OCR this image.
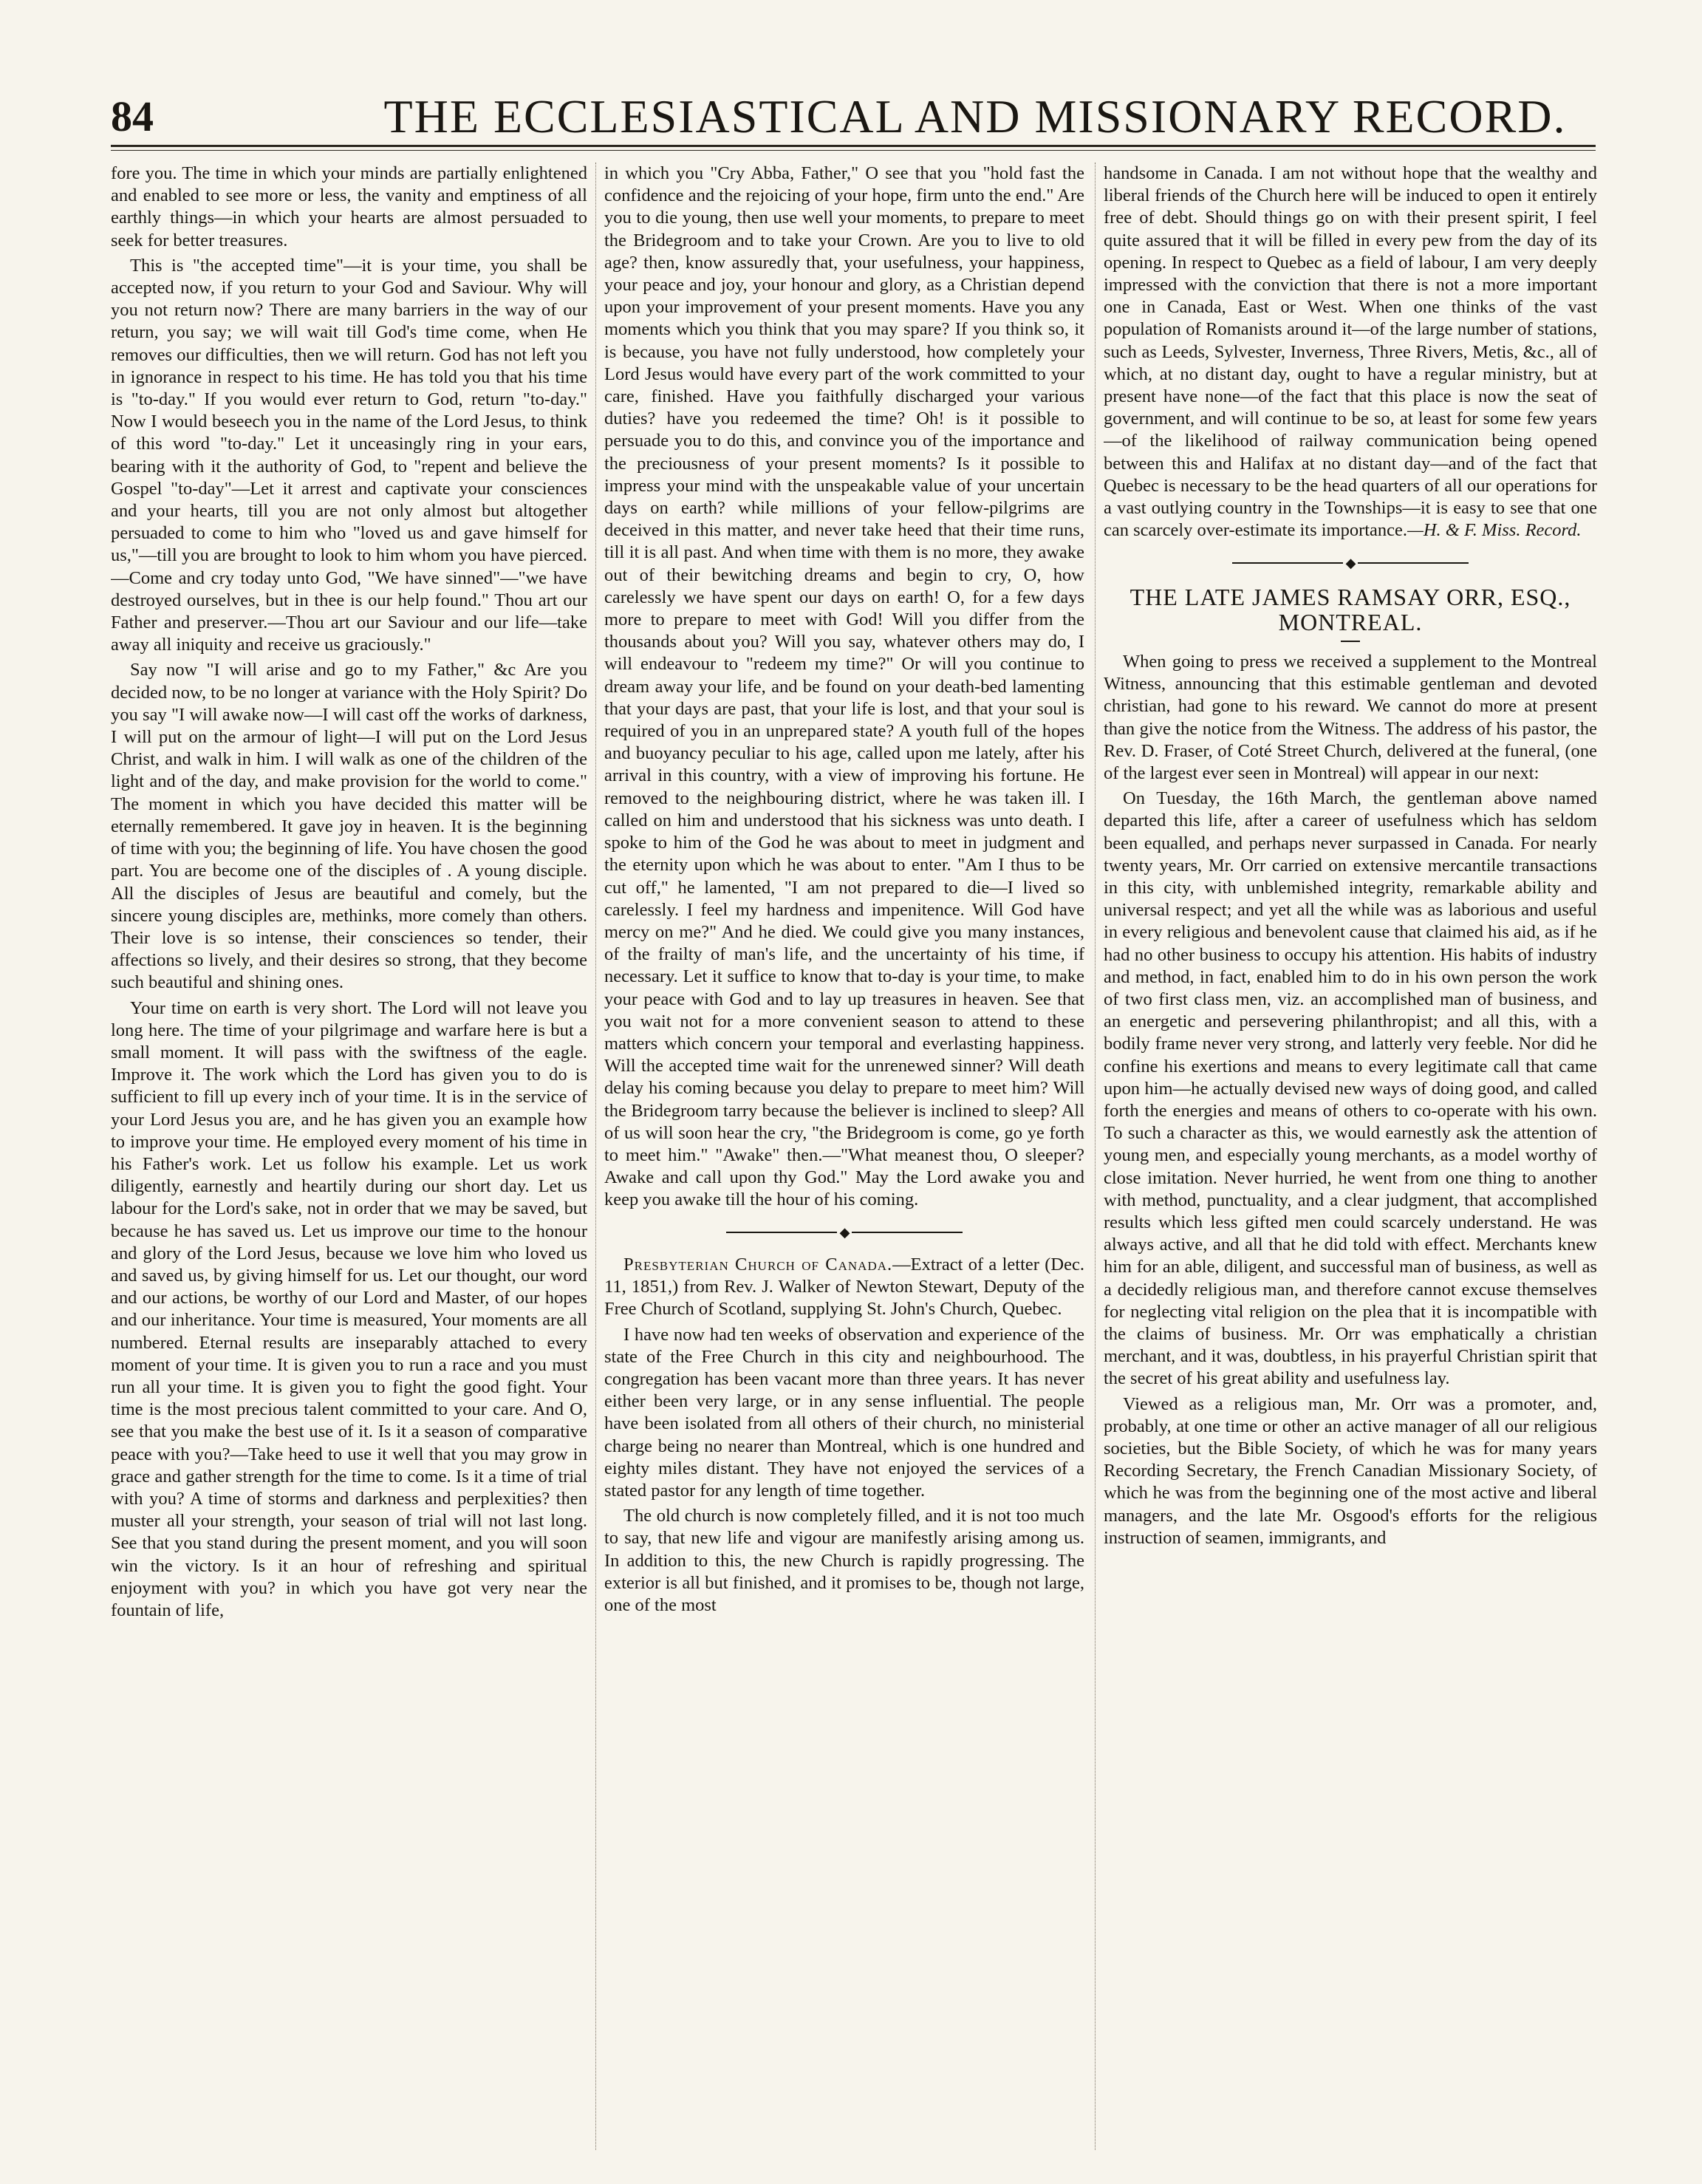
84	THE ECCLESIASTICAL AND MISSIONARY RECORD.

fore you. The time in which your minds are partially enlightened and enabled to see more or less, the vanity and emptiness of all earthly things—in which your hearts are almost persuaded to seek for better treasures.

This is "the accepted time"—it is your time, you shall be accepted now, if you return to your God and Saviour. Why will you not return now? There are many barriers in the way of our return, you say; we will wait till God's time come, when He removes our difficulties, then we will return. God has not left you in ignorance in respect to his time. He has told you that his time is "to-day." If you would ever return to God, return "to-day." Now I would beseech you in the name of the Lord Jesus, to think of this word "to-day." Let it unceasingly ring in your ears, bearing with it the authority of God, to "repent and believe the Gospel "to-day"—Let it arrest and captivate your consciences and your hearts, till you are not only almost but altogether persuaded to come to him who "loved us and gave himself for us,"—till you are brought to look to him whom you have pierced.—Come and cry today unto God, "We have sinned"—"we have destroyed ourselves, but in thee is our help found." Thou art our Father and preserver.—Thou art our Saviour and our life—take away all iniquity and receive us graciously."

Say now "I will arise and go to my Father," &c Are you decided now, to be no longer at variance with the Holy Spirit? Do you say "I will awake now—I will cast off the works of darkness, I will put on the armour of light—I will put on the Lord Jesus Christ, and walk in him. I will walk as one of the children of the light and of the day, and make provision for the world to come." The moment in which you have decided this matter will be eternally remembered. It gave joy in heaven. It is the beginning of time with you; the beginning of life. You have chosen the good part. You are become one of the disciples of . A young disciple. All the disciples of Jesus are beautiful and comely, but the sincere young disciples are, methinks, more comely than others. Their love is so intense, their consciences so tender, their affections so lively, and their desires so strong, that they become such beautiful and shining ones.

Your time on earth is very short. The Lord will not leave you long here. The time of your pilgrimage and warfare here is but a small moment. It will pass with the swiftness of the eagle. Improve it. The work which the Lord has given you to do is sufficient to fill up every inch of your time. It is in the service of your Lord Jesus you are, and he has given you an example how to improve your time. He employed every moment of his time in his Father's work. Let us follow his example. Let us work diligently, earnestly and heartily during our short day. Let us labour for the Lord's sake, not in order that we may be saved, but because he has saved us. Let us improve our time to the honour and glory of the Lord Jesus, because we love him who loved us and saved us, by giving himself for us. Let our thought, our word and our actions, be worthy of our Lord and Master, of our hopes and our inheritance. Your time is measured, Your moments are all numbered. Eternal results are inseparably attached to every moment of your time. It is given you to run a race and you must run all your time. It is given you to fight the good fight. Your time is the most precious talent committed to your care. And O, see that you make the best use of it. Is it a season of comparative peace with you?—Take heed to use it well that you may grow in grace and gather strength for the time to come. Is it a time of trial with you? A time of storms and darkness and perplexities? then muster all your strength, your season of trial will not last long. See that you stand during the present moment, and you will soon win the victory. Is it an hour of refreshing and spiritual enjoyment with you? in which you have got very near the fountain of life,

in which you "Cry Abba, Father," O see that you "hold fast the confidence and the rejoicing of your hope, firm unto the end." Are you to die young, then use well your moments, to prepare to meet the Bridegroom and to take your Crown. Are you to live to old age? then, know assuredly that, your usefulness, your happiness, your peace and joy, your honour and glory, as a Christian depend upon your improvement of your present moments. Have you any moments which you think that you may spare? If you think so, it is because, you have not fully understood, how completely your Lord Jesus would have every part of the work committed to your care, finished. Have you faithfully discharged your various duties? have you redeemed the time? Oh! is it possible to persuade you to do this, and convince you of the importance and the preciousness of your present moments? Is it possible to impress your mind with the unspeakable value of your uncertain days on earth? while millions of your fellow-pilgrims are deceived in this matter, and never take heed that their time runs, till it is all past. And when time with them is no more, they awake out of their bewitching dreams and begin to cry, O, how carelessly we have spent our days on earth! O, for a few days more to prepare to meet with God! Will you differ from the thousands about you? Will you say, whatever others may do, I will endeavour to "redeem my time?" Or will you continue to dream away your life, and be found on your death-bed lamenting that your days are past, that your life is lost, and that your soul is required of you in an unprepared state? A youth full of the hopes and buoyancy peculiar to his age, called upon me lately, after his arrival in this country, with a view of improving his fortune. He removed to the neighbouring district, where he was taken ill. I called on him and understood that his sickness was unto death. I spoke to him of the God he was about to meet in judgment and the eternity upon which he was about to enter. "Am I thus to be cut off," he lamented, "I am not prepared to die—I lived so carelessly. I feel my hardness and impenitence. Will God have mercy on me?" And he died. We could give you many instances, of the frailty of man's life, and the uncertainty of his time, if necessary. Let it suffice to know that to-day is your time, to make your peace with God and to lay up treasures in heaven. See that you wait not for a more convenient season to attend to these matters which concern your temporal and everlasting happiness. Will the accepted time wait for the unrenewed sinner? Will death delay his coming because you delay to prepare to meet him? Will the Bridegroom tarry because the believer is inclined to sleep? All of us will soon hear the cry, "the Bridegroom is come, go ye forth to meet him." "Awake" then.—"What meanest thou, O sleeper? Awake and call upon thy God." May the Lord awake you and keep you awake till the hour of his coming.

◆

Presbyterian Church of Canada.—Extract of a letter (Dec. 11, 1851,) from Rev. J. Walker of Newton Stewart, Deputy of the Free Church of Scotland, supplying St. John's Church, Quebec.

I have now had ten weeks of observation and experience of the state of the Free Church in this city and neighbourhood. The congregation has been vacant more than three years. It has never either been very large, or in any sense influential. The people have been isolated from all others of their church, no ministerial charge being no nearer than Montreal, which is one hundred and eighty miles distant. They have not enjoyed the services of a stated pastor for any length of time together.

The old church is now completely filled, and it is not too much to say, that new life and vigour are manifestly arising among us. In addition to this, the new Church is rapidly progressing. The exterior is all but finished, and it promises to be, though not large, one of the most

handsome in Canada. I am not without hope that the wealthy and liberal friends of the Church here will be induced to open it entirely free of debt. Should things go on with their present spirit, I feel quite assured that it will be filled in every pew from the day of its opening. In respect to Quebec as a field of labour, I am very deeply impressed with the conviction that there is not a more important one in Canada, East or West. When one thinks of the vast population of Romanists around it—of the large number of stations, such as Leeds, Sylvester, Inverness, Three Rivers, Metis, &c., all of which, at no distant day, ought to have a regular ministry, but at present have none—of the fact that this place is now the seat of government, and will continue to be so, at least for some few years—of the likelihood of railway communication being opened between this and Halifax at no distant day—and of the fact that Quebec is necessary to be the head quarters of all our operations for a vast outlying country in the Townships—it is easy to see that one can scarcely over-estimate its importance.—H. & F. Miss. Record.

◆
THE LATE JAMES RAMSAY ORR, ESQ., MONTREAL.

When going to press we received a supplement to the Montreal Witness, announcing that this estimable gentleman and devoted christian, had gone to his reward. We cannot do more at present than give the notice from the Witness. The address of his pastor, the Rev. D. Fraser, of Coté Street Church, delivered at the funeral, (one of the largest ever seen in Montreal) will appear in our next:

On Tuesday, the 16th March, the gentleman above named departed this life, after a career of usefulness which has seldom been equalled, and perhaps never surpassed in Canada. For nearly twenty years, Mr. Orr carried on extensive mercantile transactions in this city, with unblemished integrity, remarkable ability and universal respect; and yet all the while was as laborious and useful in every religious and benevolent cause that claimed his aid, as if he had no other business to occupy his attention. His habits of industry and method, in fact, enabled him to do in his own person the work of two first class men, viz. an accomplished man of business, and an energetic and persevering philanthropist; and all this, with a bodily frame never very strong, and latterly very feeble. Nor did he confine his exertions and means to every legitimate call that came upon him—he actually devised new ways of doing good, and called forth the energies and means of others to co-operate with his own. To such a character as this, we would earnestly ask the attention of young men, and especially young merchants, as a model worthy of close imitation. Never hurried, he went from one thing to another with method, punctuality, and a clear judgment, that accomplished results which less gifted men could scarcely understand. He was always active, and all that he did told with effect. Merchants knew him for an able, diligent, and successful man of business, as well as a decidedly religious man, and therefore cannot excuse themselves for neglecting vital religion on the plea that it is incompatible with the claims of business. Mr. Orr was emphatically a christian merchant, and it was, doubtless, in his prayerful Christian spirit that the secret of his great ability and usefulness lay.

Viewed as a religious man, Mr. Orr was a promoter, and, probably, at one time or other an active manager of all our religious societies, but the Bible Society, of which he was for many years Recording Secretary, the French Canadian Missionary Society, of which he was from the beginning one of the most active and liberal managers, and the late Mr. Osgood's efforts for the religious instruction of seamen, immigrants, and
